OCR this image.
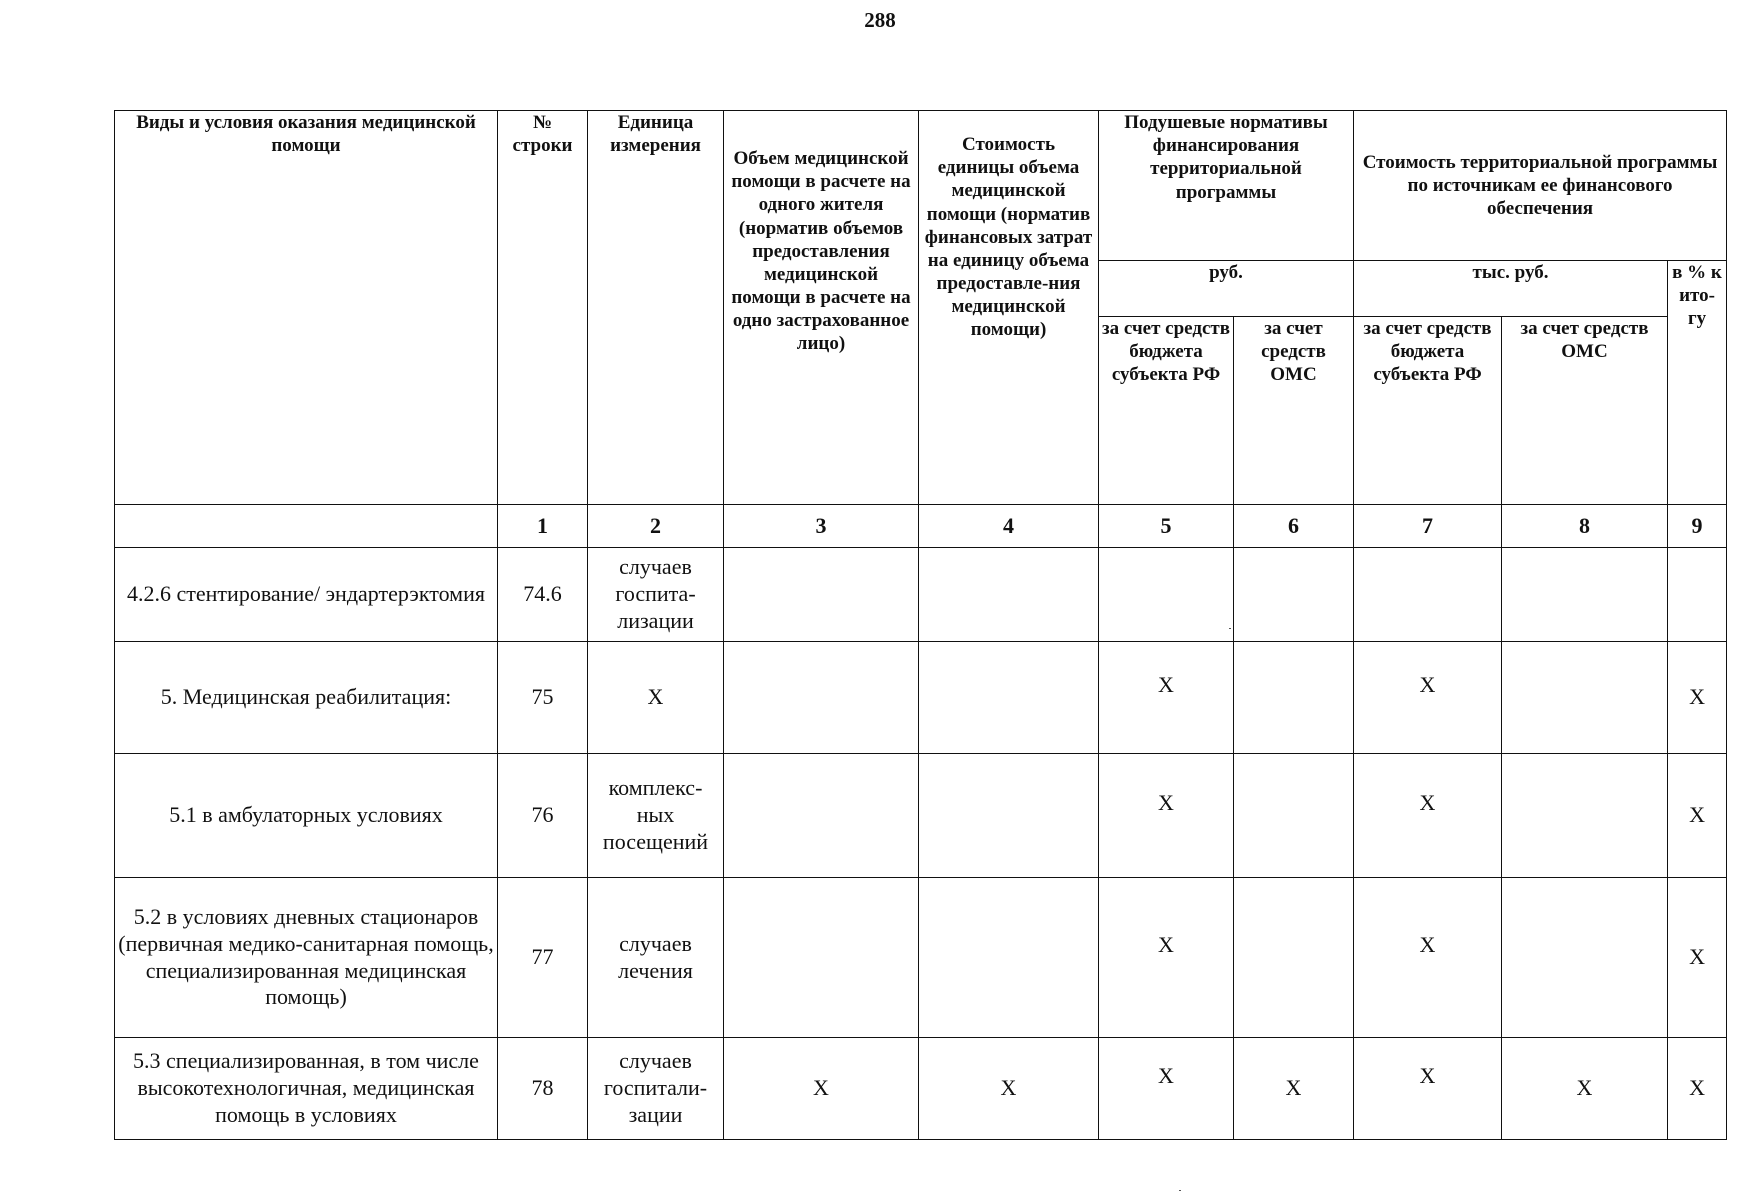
288
Виды и условия оказания медицинской помощи	№ строки	Единица измерения	Объем медицинской помощи в расчете на одного жителя (норматив объемов предоставления медицинской помощи в расчете на одно застрахованное лицо)	Стоимость единицы объема медицинской помощи (норматив финансовых затрат на единицу объема предоставле-ния медицинской помощи)	Подушевые нормативы финансирования территориальной программы		Стоимость территориальной программы по источникам ее финансового обеспечения		
					руб.		тыс. руб.		в % к ито-гу
					за счет средств бюджета субъекта РФ	за счет средств ОМС	за счет средств бюджета субъекта РФ	за счет средств ОМС	
	1	2	3	4	5	6	7	8	9
4.2.6 стентирование/ эндартерэктомия	74.6	случаев госпита-лизации							
5. Медицинская реабилитация:	75	X			X		X		X
5.1 в амбулаторных условиях	76	комплекс-ных посещений			X		X		X
5.2 в условиях дневных стационаров (первичная медико-санитарная помощь, специализированная медицинская помощь)	77	случаев лечения			X		X		X
5.3 специализированная, в том числе высокотехнологичная, медицинская помощь в условиях	78	случаев госпитали-зации	X	X	X	X	X	X	X
